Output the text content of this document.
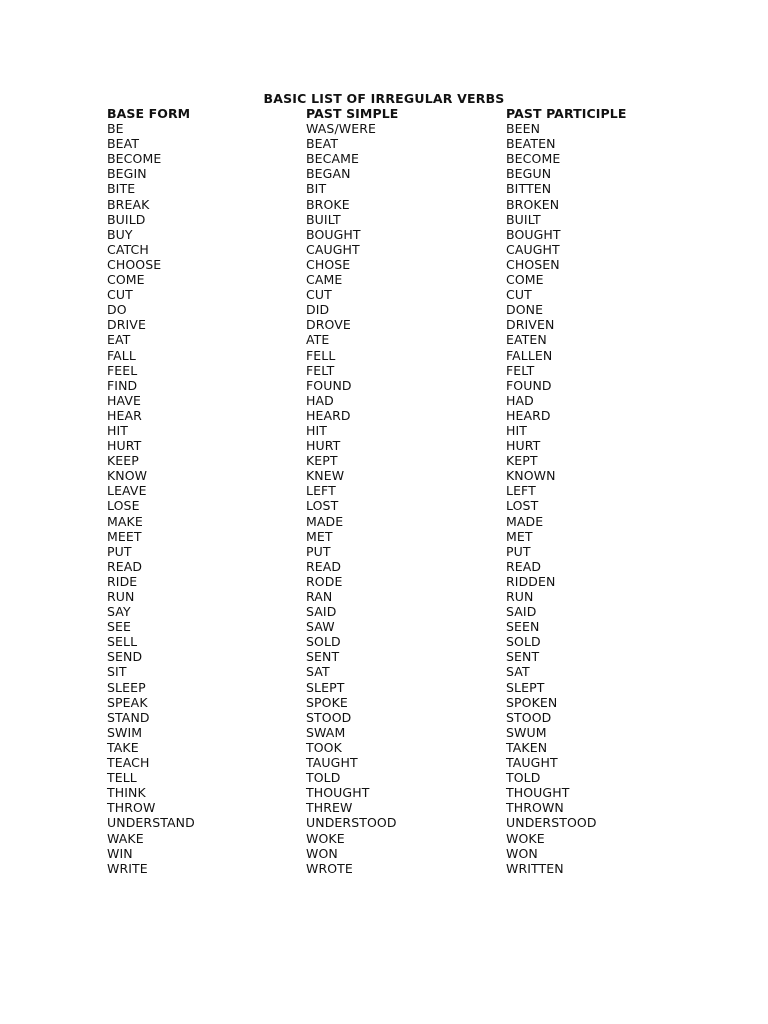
BASIC LIST OF IRREGULAR VERBS
BASE FORM	PAST SIMPLE	PAST PARTICIPLE
BE	WAS/WERE	BEEN
BEAT	BEAT	BEATEN
BECOME	BECAME	BECOME
BEGIN	BEGAN	BEGUN
BITE	BIT	BITTEN
BREAK	BROKE	BROKEN
BUILD	BUILT	BUILT
BUY	BOUGHT	BOUGHT
CATCH	CAUGHT	CAUGHT
CHOOSE	CHOSE	CHOSEN
COME	CAME	COME
CUT	CUT	CUT
DO	DID	DONE
DRIVE	DROVE	DRIVEN
EAT	ATE	EATEN
FALL	FELL	FALLEN
FEEL	FELT	FELT
FIND	FOUND	FOUND
HAVE	HAD	HAD
HEAR	HEARD	HEARD
HIT	HIT	HIT
HURT	HURT	HURT
KEEP	KEPT	KEPT
KNOW	KNEW	KNOWN
LEAVE	LEFT	LEFT
LOSE	LOST	LOST
MAKE	MADE	MADE
MEET	MET	MET
PUT	PUT	PUT
READ	READ	READ
RIDE	RODE	RIDDEN
RUN	RAN	RUN
SAY	SAID	SAID
SEE	SAW	SEEN
SELL	SOLD	SOLD
SEND	SENT	SENT
SIT	SAT	SAT
SLEEP	SLEPT	SLEPT
SPEAK	SPOKE	SPOKEN
STAND	STOOD	STOOD
SWIM	SWAM	SWUM
TAKE	TOOK	TAKEN
TEACH	TAUGHT	TAUGHT
TELL	TOLD	TOLD
THINK	THOUGHT	THOUGHT
THROW	THREW	THROWN
UNDERSTAND	UNDERSTOOD	UNDERSTOOD
WAKE	WOKE	WOKE
WIN	WON	WON
WRITE	WROTE	WRITTEN
